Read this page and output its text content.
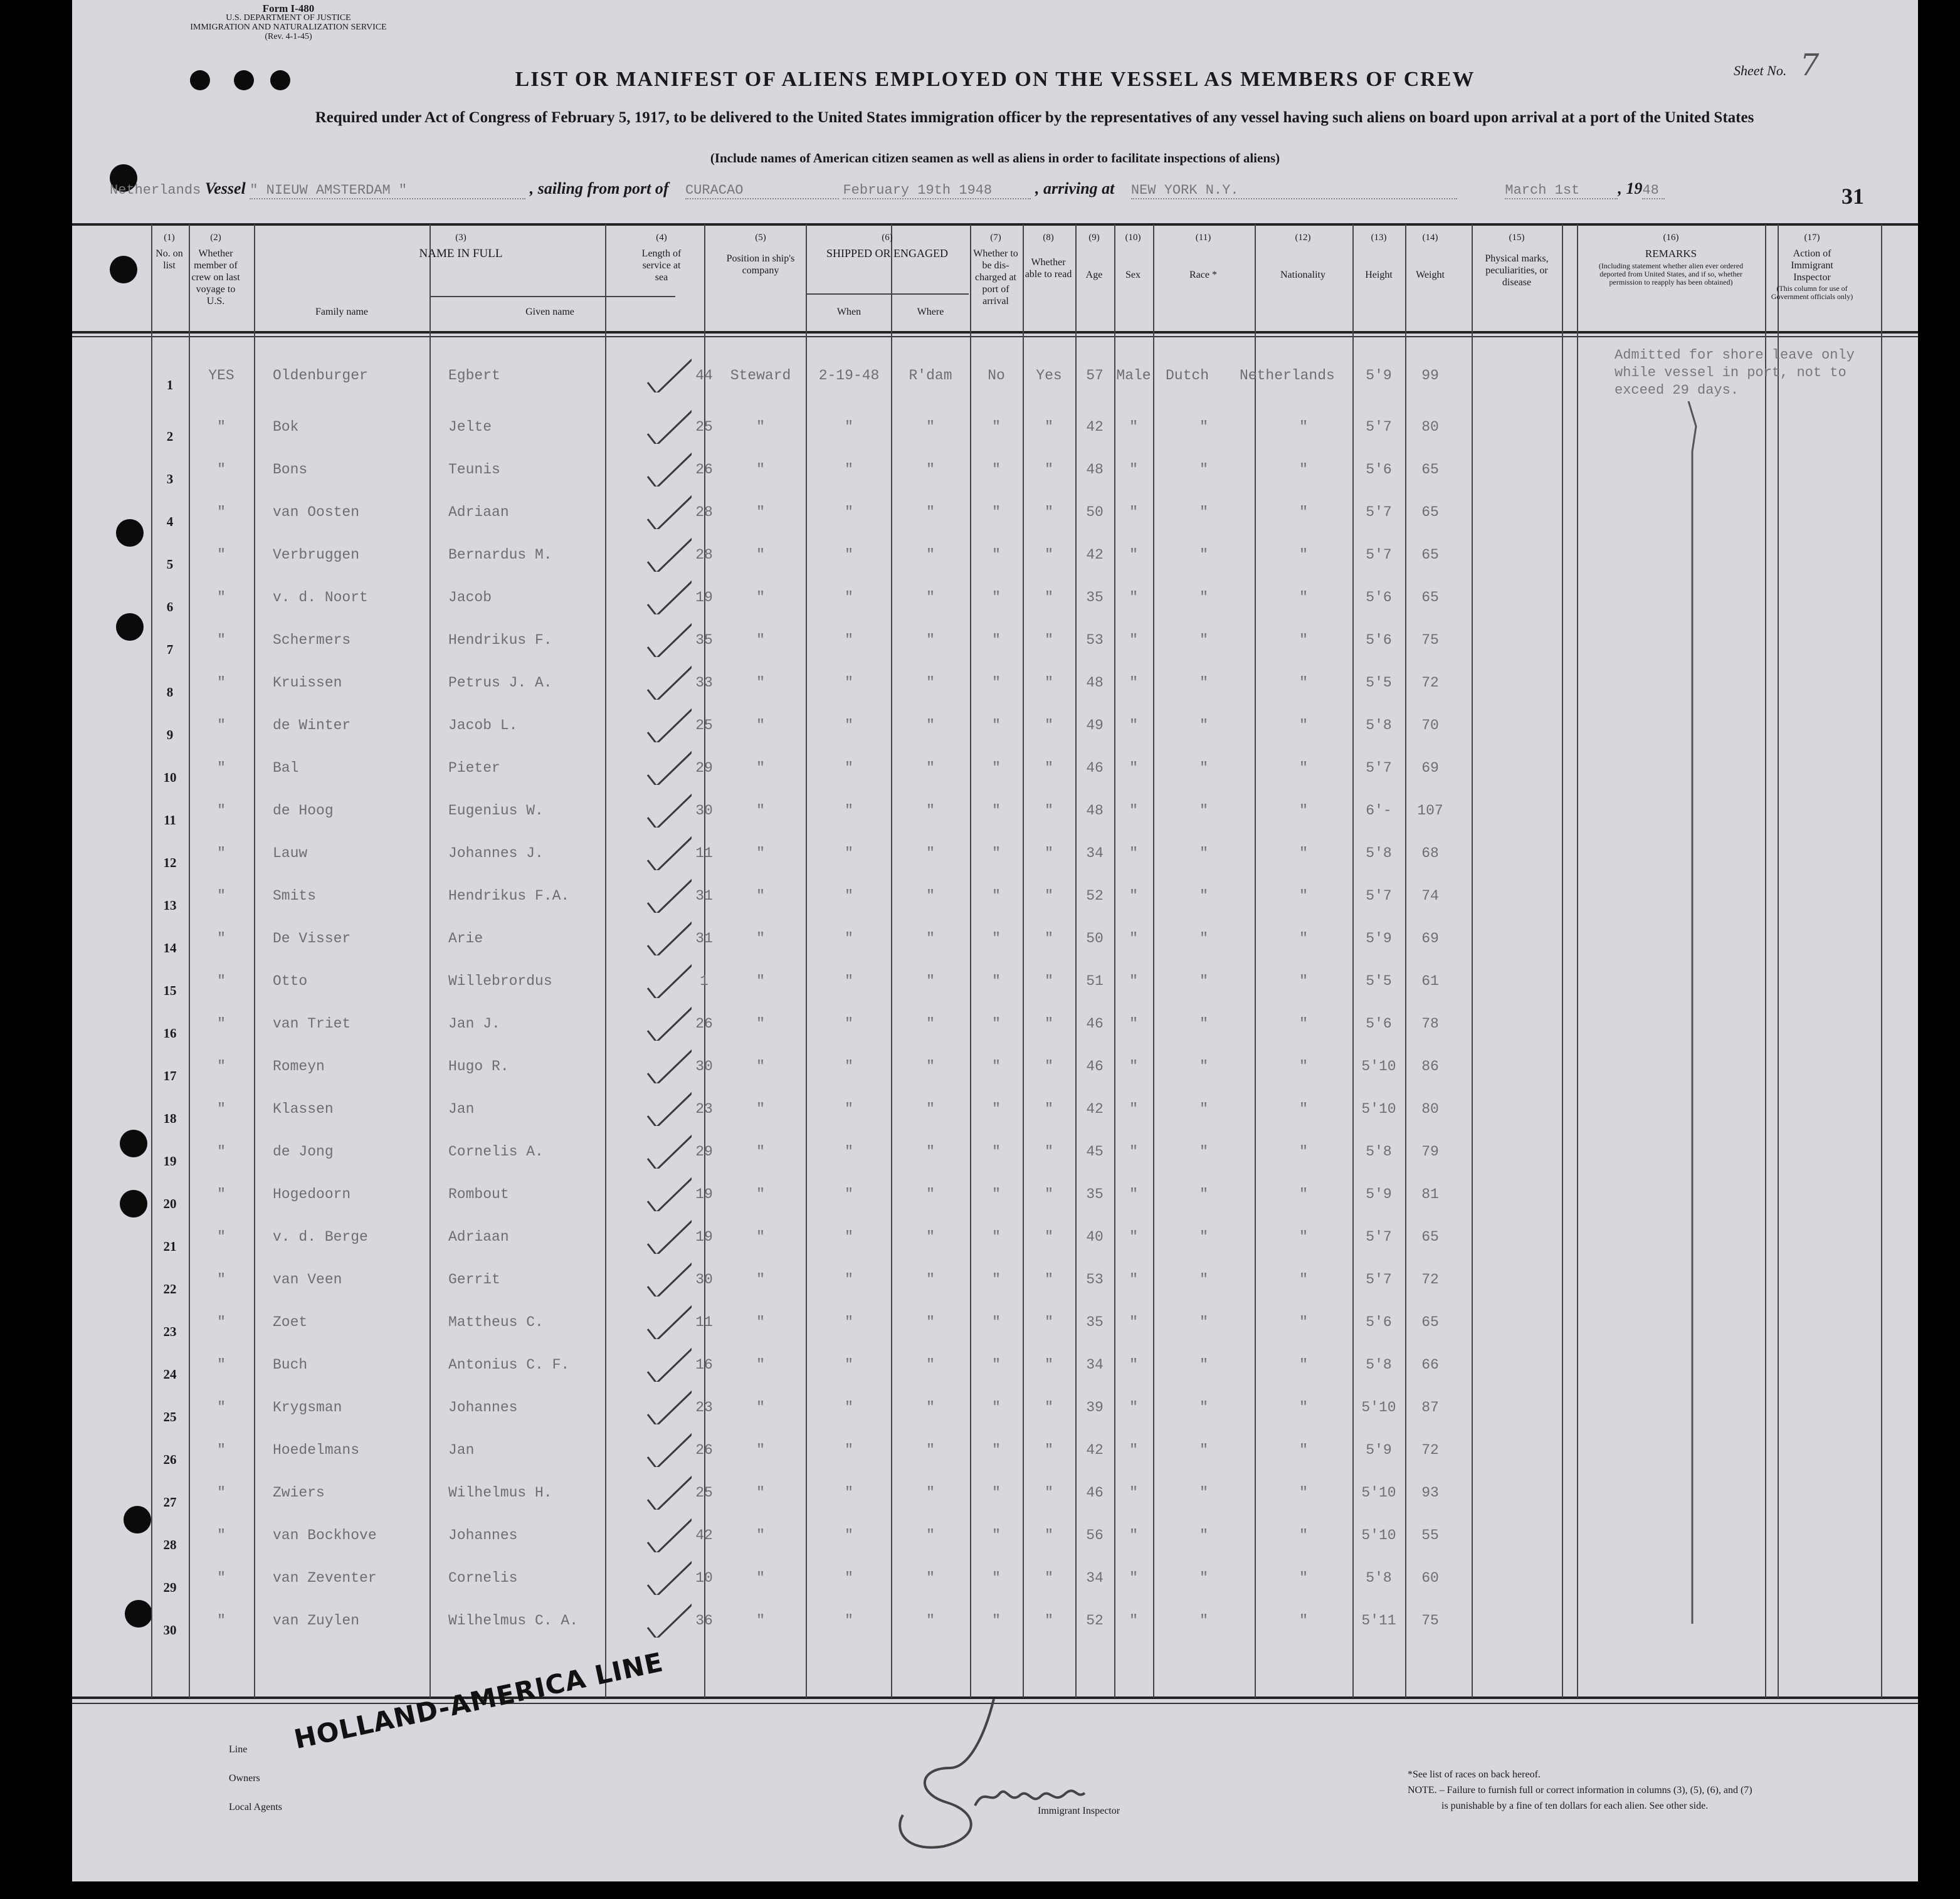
Form I-480
U.S. DEPARTMENT OF JUSTICE
IMMIGRATION AND NATURALIZATION SERVICE
(Rev. 4-1-45)
Sheet No. 7
LIST OR MANIFEST OF ALIENS EMPLOYED ON THE VESSEL AS MEMBERS OF CREW
Required under Act of Congress of February 5, 1917, to be delivered to the United States immigration officer by the representatives of any vessel having such aliens on board upon arrival at a port of the United States
(Include names of American citizen seamen as well as aliens in order to facilitate inspections of aliens)
Netherlands Vessel " NIEUW AMSTERDAM "	, sailing from port of CURACAO	February 19th 1948	, arriving at NEW YORK N.Y.	March 1st , 1948	31
(1)
No. on list
(2)
Whether member of crew on last voyage to U.S.
(3)
NAME IN FULL
Family name	Given name
(4)
Length of service at sea
(5)
Position in ship's company
(6)
SHIPPED OR ENGAGED
When	Where
(7)
Whether to be dis-charged at port of arrival
(8)
Whether able to read
(9)
Age
(10)
Sex
(11)
Race *
(12)
Nationality
(13)
Height
(14)
Weight
(15)
Physical marks, peculiarities, or disease
(16)
REMARKS
(Including statement whether alien ever ordered deported from United States, and if so, whether permission to reapply has been obtained)
(17)
Action of Immigrant Inspector
(This column for use of Government officials only)
1
YES	Oldenburger	Egbert	44	Steward	2-19-48	R'dam	No	Yes	57 Male Dutch	Netherlands	5'9	99
2
"	Bok	Jelte	25	"	"	"	"	"	42	"	"	"	5'7	80
3
"	Bons	Teunis	26	"	"	"	"	"	48	"	"	"	5'6	65
4
"	van Oosten	Adriaan	28	"	"	"	"	"	50	"	"	"	5'7	65
5
"	Verbruggen	Bernardus M.	28	"	"	"	"	"	42	"	"	"	5'7	65
6
"	v. d. Noort	Jacob	19	"	"	"	"	"	35	"	"	"	5'6	65
7
"	Schermers	Hendrikus F.	35	"	"	"	"	"	53	"	"	"	5'6	75
8
"	Kruissen	Petrus J. A.	33	"	"	"	"	"	48	"	"	"	5'5	72
9
"	de Winter	Jacob L.	25	"	"	"	"	"	49	"	"	"	5'8	70
10
"	Bal	Pieter	29	"	"	"	"	"	46	"	"	"	5'7	69
11
"	de Hoog	Eugenius W.	30	"	"	"	"	"	48	"	"	"	6'-	107
12
"	Lauw	Johannes J.	11	"	"	"	"	"	34	"	"	"	5'8	68
13
"	Smits	Hendrikus F.A.	31	"	"	"	"	"	52	"	"	"	5'7	74
14
"	De Visser	Arie	31	"	"	"	"	"	50	"	"	"	5'9	69
15
"	Otto	Willebrordus	1	"	"	"	"	"	51	"	"	"	5'5	61
16
"	van Triet	Jan J.	26	"	"	"	"	"	46	"	"	"	5'6	78
17
"	Romeyn	Hugo R.	30	"	"	"	"	"	46	"	"	"	5'10	86
18
"	Klassen	Jan	23	"	"	"	"	"	42	"	"	"	5'10	80
19
"	de Jong	Cornelis A.	29	"	"	"	"	"	45	"	"	"	5'8	79
20
"	Hogedoorn	Rombout	19	"	"	"	"	"	35	"	"	"	5'9	81
21
"	v. d. Berge	Adriaan	19	"	"	"	"	"	40	"	"	"	5'7	65
22
"	van Veen	Gerrit	30	"	"	"	"	"	53	"	"	"	5'7	72
23
"	Zoet	Mattheus C.	11	"	"	"	"	"	35	"	"	"	5'6	65
24
"	Buch	Antonius C. F.	16	"	"	"	"	"	34	"	"	"	5'8	66
25
"	Krygsman	Johannes	23	"	"	"	"	"	39	"	"	"	5'10	87
26
"	Hoedelmans	Jan	26	"	"	"	"	"	42	"	"	"	5'9	72
27
"	Zwiers	Wilhelmus H.	25	"	"	"	"	"	46	"	"	"	5'10	93
28
"	van Bockhove	Johannes	42	"	"	"	"	"	56	"	"	"	5'10	55
29
"	van Zeventer	Cornelis	10	"	"	"	"	"	34	"	"	"	5'8	60
30
"	van Zuylen	Wilhelmus C. A.	36	"	"	"	"	"	52	"	"	"	5'11	75
Admitted for shore leave only
while vessel in port, not to
exceed 29 days.
Line
Owners
Local Agents
HOLLAND-AMERICA LINE
Immigrant Inspector
*See list of races on back hereof.
NOTE. – Failure to furnish full or correct information in columns (3), (5), (6), and (7)
is punishable by a fine of ten dollars for each alien. See other side.
